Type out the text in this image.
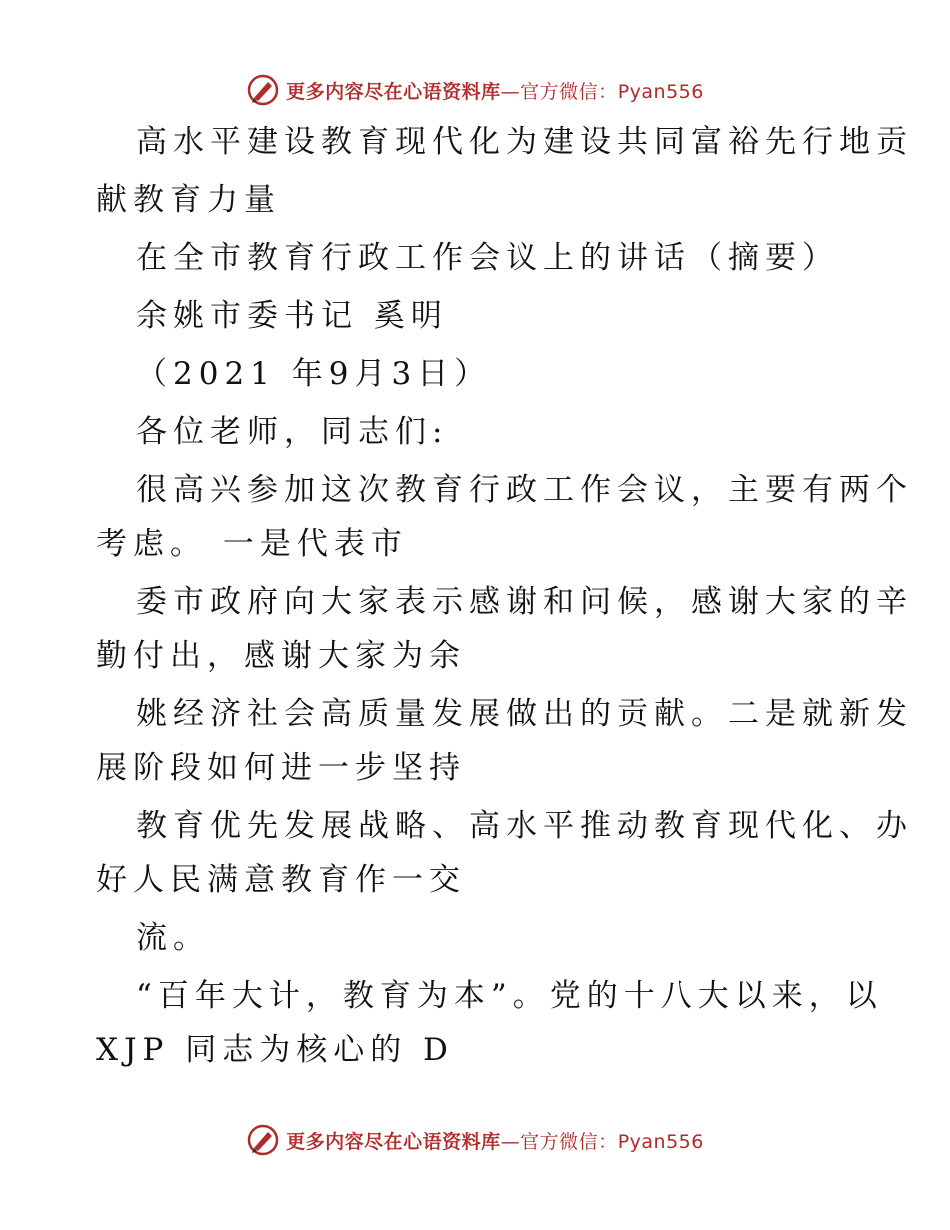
更多内容尽在心语资料库—官方微信：Pyan556
高水平建设教育现代化为建设共同富裕先行地贡
献教育力量
在全市教育行政工作会议上的讲话（摘要）
余姚市委书记 奚明
（2021 年9月3日）
各位老师，同志们:
很高兴参加这次教育行政工作会议，主要有两个
考虑。 一是代表市
委市政府向大家表示感谢和问候，感谢大家的辛
勤付出，感谢大家为余
姚经济社会高质量发展做出的贡献。二是就新发
展阶段如何进一步坚持
教育优先发展战略、高水平推动教育现代化、办
好人民满意教育作一交
流。
“百年大计，教育为本”。党的十八大以来，以
XJP 同志为核心的 D
更多内容尽在心语资料库—官方微信：Pyan556
